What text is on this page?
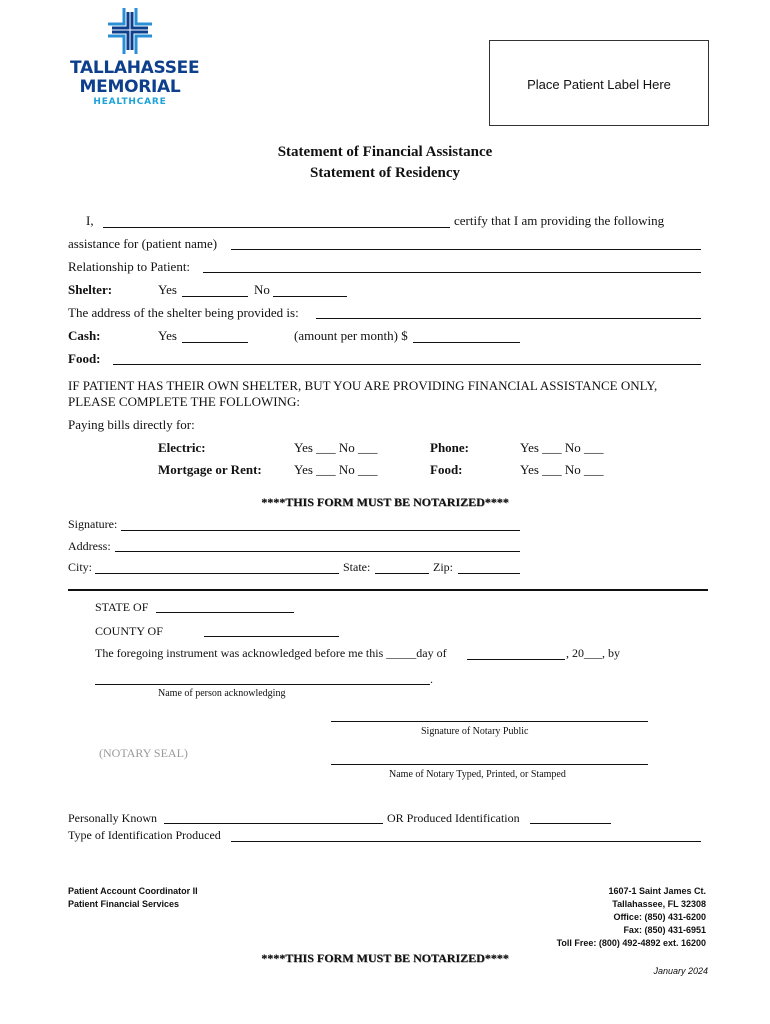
TALLAHASSEE
MEMORIAL
HEALTHCARE
Place Patient Label Here
Statement of Financial Assistance
Statement of Residency
I,	certify that I am providing the following
assistance for (patient name)
Relationship to Patient:
Shelter:	Yes	No
The address of the shelter being provided is:
Cash:	Yes	(amount per month) $
Food:
IF PATIENT HAS THEIR OWN SHELTER, BUT YOU ARE PROVIDING FINANCIAL ASSISTANCE ONLY,
PLEASE COMPLETE THE FOLLOWING:
Paying bills directly for:
Electric:	Yes ___ No ___	Phone:	Yes ___ No ___
Mortgage or Rent: Yes ___ No ___	Food:	Yes ___ No ___
****THIS FORM MUST BE NOTARIZED****
Signature:
Address:
City:	State:	Zip:
STATE OF
COUNTY OF
The foregoing instrument was acknowledged before me this _____day of	, 20___, by
.
Name of person acknowledging
Signature of Notary Public
(NOTARY SEAL)
Name of Notary Typed, Printed, or Stamped
Personally Known	OR Produced Identification
Type of Identification Produced
Patient Account Coordinator II
Patient Financial Services
1607-1 Saint James Ct.
Tallahassee, FL 32308
Office: (850) 431-6200
Fax: (850) 431-6951
Toll Free: (800) 492-4892 ext. 16200
****THIS FORM MUST BE NOTARIZED****
January 2024
